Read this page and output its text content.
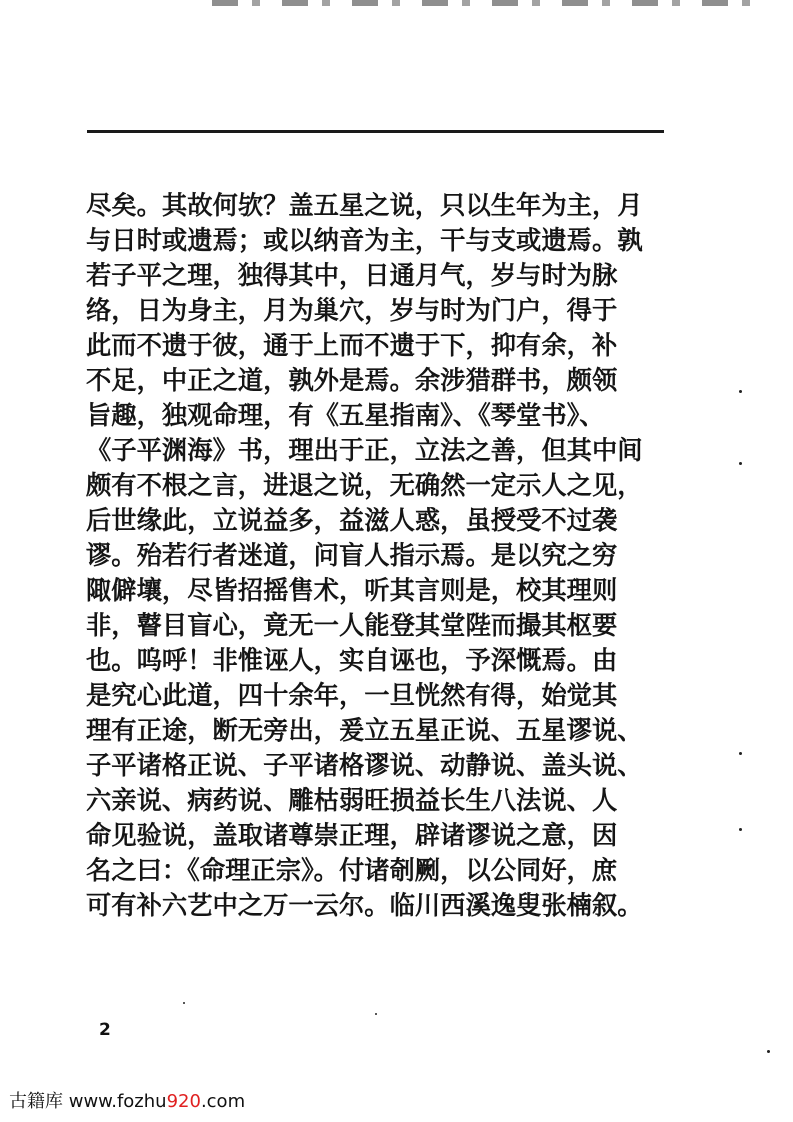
尽矣。其故何欤？盖五星之说，只以生年为主，月
与日时或遗焉；或以纳音为主，干与支或遗焉。孰
若子平之理，独得其中，日通月气，岁与时为脉
络，日为身主，月为巢穴，岁与时为门户，得于
此而不遗于彼，通于上而不遗于下，抑有余，补
不足，中正之道，孰外是焉。余涉猎群书，颇领
旨趣，独观命理，有《五星指南》、《琴堂书》、
《子平渊海》书，理出于正，立法之善，但其中间
颇有不根之言，进退之说，无确然一定示人之见，
后世缘此，立说益多，益滋人惑，虽授受不过袭
谬。殆若行者迷道，问盲人指示焉。是以究之穷
陬僻壤，尽皆招摇售术，听其言则是，校其理则
非，瞽目盲心，竟无一人能登其堂陛而撮其枢要
也。呜呼！非惟诬人，实自诬也，予深慨焉。由
是究心此道，四十余年，一旦恍然有得，始觉其
理有正途，断无旁出，爰立五星正说、五星谬说、
子平诸格正说、子平诸格谬说、动静说、盖头说、
六亲说、病药说、雕枯弱旺损益长生八法说、人
命见验说，盖取诸尊崇正理，辟诸谬说之意，因
名之曰：《命理正宗》。付诸剞劂，以公同好，庶
可有补六艺中之万一云尔。临川西溪逸叟张楠叙。
2
古籍库 www.fozhu920.com
